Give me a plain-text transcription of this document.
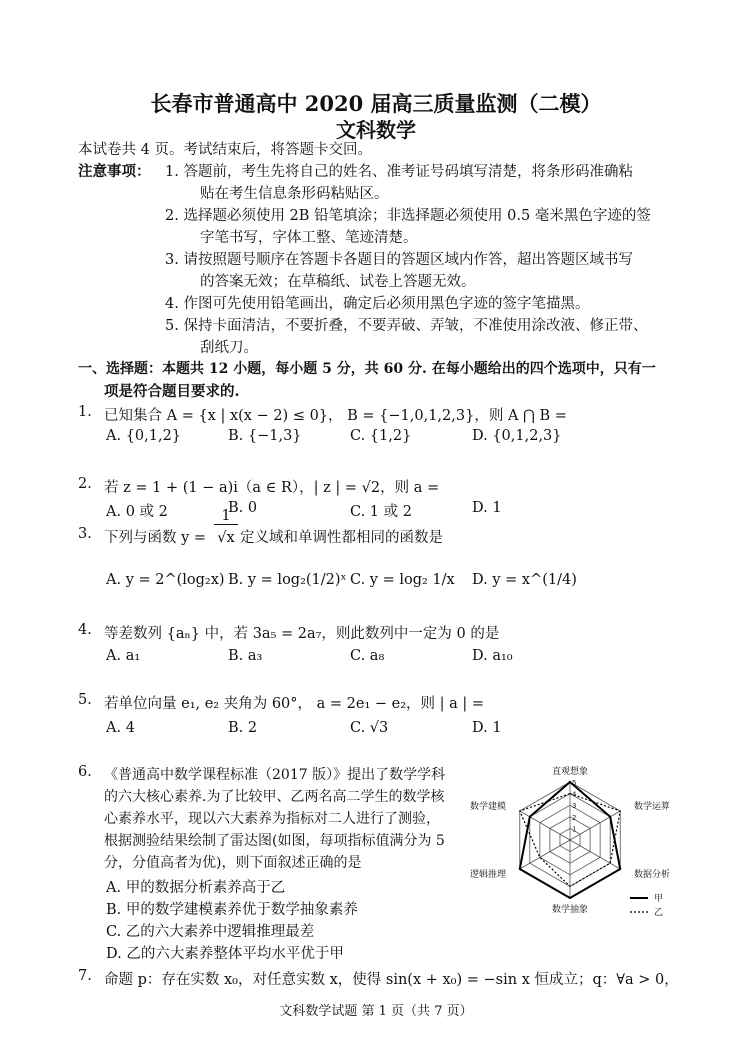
长春市普通高中 2020 届高三质量监测（二模）
文科数学
本试卷共 4 页。考试结束后，将答题卡交回。
注意事项： 1. 答题前，考生先将自己的姓名、准考证号码填写清楚，将条形码准确粘
贴在考生信息条形码粘贴区。
2. 选择题必须使用 2B 铅笔填涂；非选择题必须使用 0.5 毫米黑色字迹的签
字笔书写，字体工整、笔迹清楚。
3. 请按照题号顺序在答题卡各题目的答题区域内作答，超出答题区域书写
的答案无效；在草稿纸、试卷上答题无效。
4. 作图可先使用铅笔画出，确定后必须用黑色字迹的签字笔描黑。
5. 保持卡面清洁，不要折叠，不要弄破、弄皱，不准使用涂改液、修正带、
刮纸刀。
一、选择题：本题共 12 小题，每小题 5 分，共 60 分. 在每小题给出的四个选项中，只有一
项是符合题目要求的.
1. 已知集合 A = {x | x(x − 2) ≤ 0}， B = {−1,0,1,2,3}，则 A ⋂ B =
A. {0,1,2}	B. {−1,3}	C. {1,2}	D. {0,1,2,3}
2. 若 z = 1 + (1 − a)i（a ∈ R），| z | = √2，则 a =
A. 0 或 2	B. 0	C. 1 或 2	D. 1
3. 下列与函数 y =
1
√x 定义域和单调性都相同的函数是
A. y = 2^(log₂x) B. y = log₂(1/2)ˣ C. y = log₂ 1/x D. y = x^(1/4)
4. 等差数列 {aₙ} 中，若 3a₅ = 2a₇，则此数列中一定为 0 的是
A. a₁	B. a₃	C. a₈	D. a₁₀
5. 若单位向量 e₁, e₂ 夹角为 60°， a = 2e₁ − e₂，则 | a | =
A. 4	B. 2	C. √3	D. 1
6. 《普通高中数学课程标准（2017 版）》提出了数学学科
的六大核心素养.为了比较甲、乙两名高二学生的数学核
心素养水平，现以六大素养为指标对二人进行了测验，
根据测验结果绘制了雷达图(如图，每项指标值满分为 5
分，分值高者为优)，则下面叙述正确的是
A. 甲的数据分析素养高于乙
B. 甲的数学建模素养优于数学抽象素养
C. 乙的六大素养中逻辑推理最差
D. 乙的六大素养整体平均水平优于甲
1
2
3
4
5
直观想象
数学运算
数据分析
数学抽象
逻辑推理
数学建模
甲
乙
7. 命题 p：存在实数 x₀，对任意实数 x，使得 sin(x + x₀) = −sin x 恒成立；q：∀a > 0，
文科数学试题 第 1 页（共 7 页）
